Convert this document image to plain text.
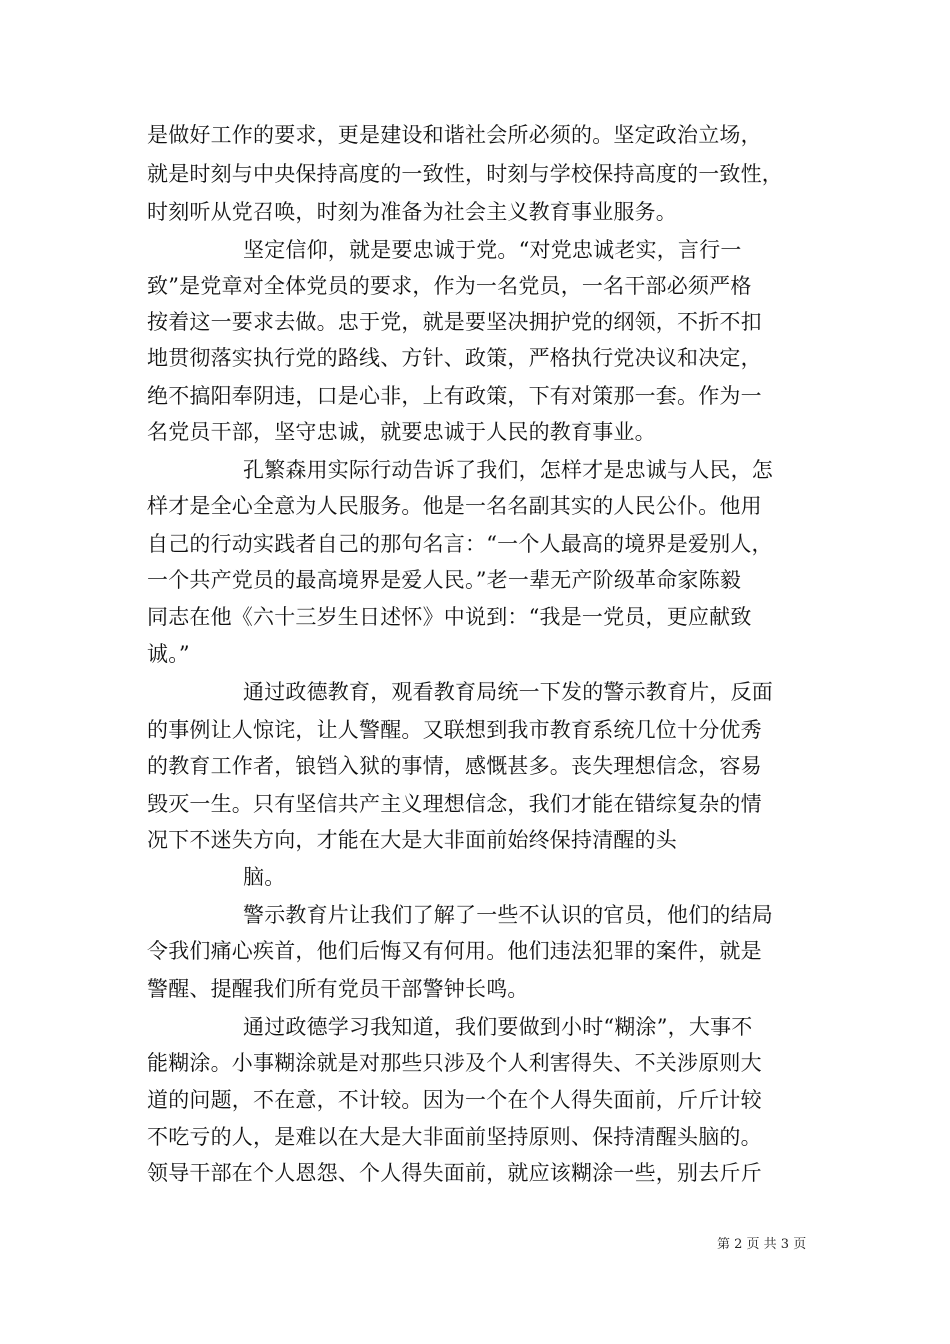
是做好工作的要求，更是建设和谐社会所必须的。坚定政治立场，
就是时刻与中央保持高度的一致性，时刻与学校保持高度的一致性，
时刻听从党召唤，时刻为准备为社会主义教育事业服务。
坚定信仰，就是要忠诚于党。“对党忠诚老实，言行一
致”是党章对全体党员的要求，作为一名党员，一名干部必须严格
按着这一要求去做。忠于党，就是要坚决拥护党的纲领，不折不扣
地贯彻落实执行党的路线、方针、政策，严格执行党决议和决定，
绝不搞阳奉阴违，口是心非，上有政策，下有对策那一套。作为一
名党员干部，坚守忠诚，就要忠诚于人民的教育事业。
孔繁森用实际行动告诉了我们，怎样才是忠诚与人民，怎
样才是全心全意为人民服务。他是一名名副其实的人民公仆。他用
自己的行动实践者自己的那句名言：“一个人最高的境界是爱别人，
一个共产党员的最高境界是爱人民。”老一辈无产阶级革命家陈毅
同志在他《六十三岁生日述怀》中说到：“我是一党员，更应献致
诚。”
通过政德教育，观看教育局统一下发的警示教育片，反面
的事例让人惊诧，让人警醒。又联想到我市教育系统几位十分优秀
的教育工作者，锒铛入狱的事情，感慨甚多。丧失理想信念，容易
毁灭一生。只有坚信共产主义理想信念，我们才能在错综复杂的情
况下不迷失方向，才能在大是大非面前始终保持清醒的头
脑。
警示教育片让我们了解了一些不认识的官员，他们的结局
令我们痛心疾首，他们后悔又有何用。他们违法犯罪的案件，就是
警醒、提醒我们所有党员干部警钟长鸣。
通过政德学习我知道，我们要做到小时“糊涂”，大事不
能糊涂。小事糊涂就是对那些只涉及个人利害得失、不关涉原则大
道的问题，不在意，不计较。因为一个在个人得失面前，斤斤计较
不吃亏的人，是难以在大是大非面前坚持原则、保持清醒头脑的。
领导干部在个人恩怨、个人得失面前，就应该糊涂一些，别去斤斤
第 2 页 共 3 页
